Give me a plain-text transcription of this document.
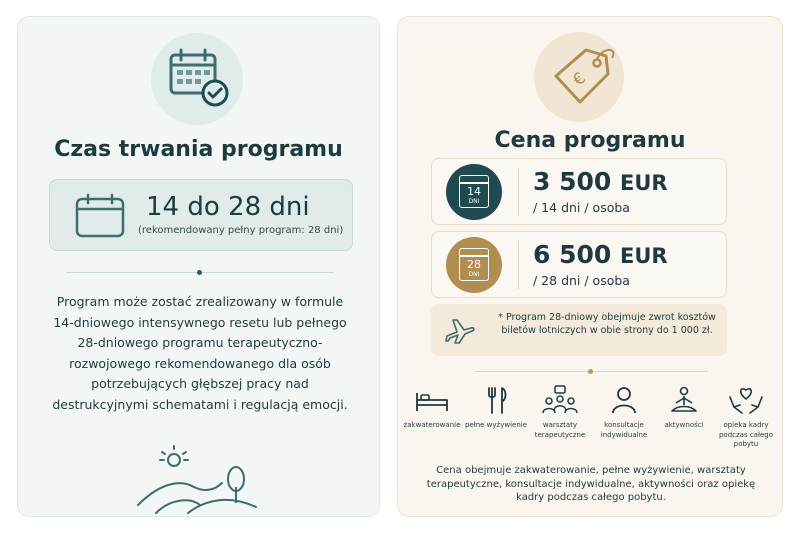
Czas trwania programu
14 do 28 dni
(rekomendowany pełny program: 28 dni)
Program może zostać zrealizowany w formule 14-dniowego intensywnego resetu lub pełnego 28-dniowego programu terapeutyczno-rozwojowego rekomendowanego dla osób potrzebujących głębszej pracy nad destrukcyjnymi schematami i regulacją emocji.
€
Cena programu
14
DNI
3 500 EUR
/ 14 dni / osoba
28
DNI
6 500 EUR
/ 28 dni / osoba
* Program 28-dniowy obejmuje zwrot kosztów biletów lotniczych w obie strony do 1 000 zł.
zakwaterowanie pełne wyżywienie	warsztaty terapeutyczne
konsultacje indywidualne
aktywności	opieka kadry podczas całego pobytu
Cena obejmuje zakwaterowanie, pełne wyżywienie, warsztaty terapeutyczne, konsultacje indywidualne, aktywności oraz opiekę kadry podczas całego pobytu.
